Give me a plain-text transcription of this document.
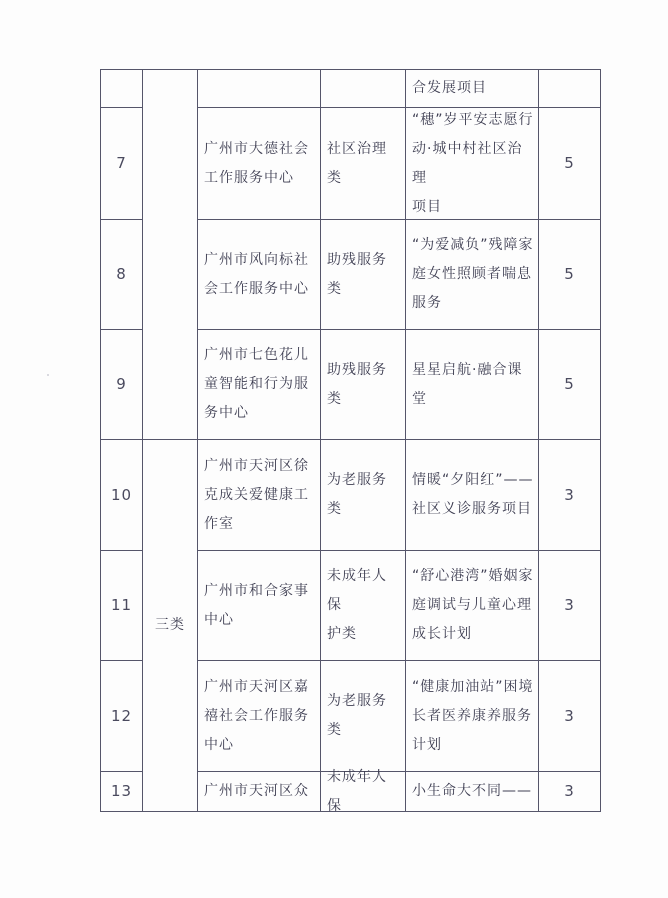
三类
合发展项目
7
广州市大德社会
工作服务中心
社区治理类
“穗”岁平安志愿行
动·城中村社区治理
项目
5
8
广州市风向标社
会工作服务中心
助残服务类
“为爱减负”残障家
庭女性照顾者喘息
服务
5
9
广州市七色花儿
童智能和行为服
务中心
助残服务类
星星启航·融合课堂
5
10
广州市天河区徐
克成关爱健康工
作室
为老服务类
情暖“夕阳红”——
社区义诊服务项目
3
11
广州市和合家事
中心
未成年人保
护类
“舒心港湾”婚姻家
庭调试与儿童心理
成长计划
3
12
广州市天河区嘉
禧社会工作服务
中心
为老服务类
“健康加油站”困境
长者医养康养服务
计划
3
13	广州市天河区众
未成年人保
小生命大不同—— 3
